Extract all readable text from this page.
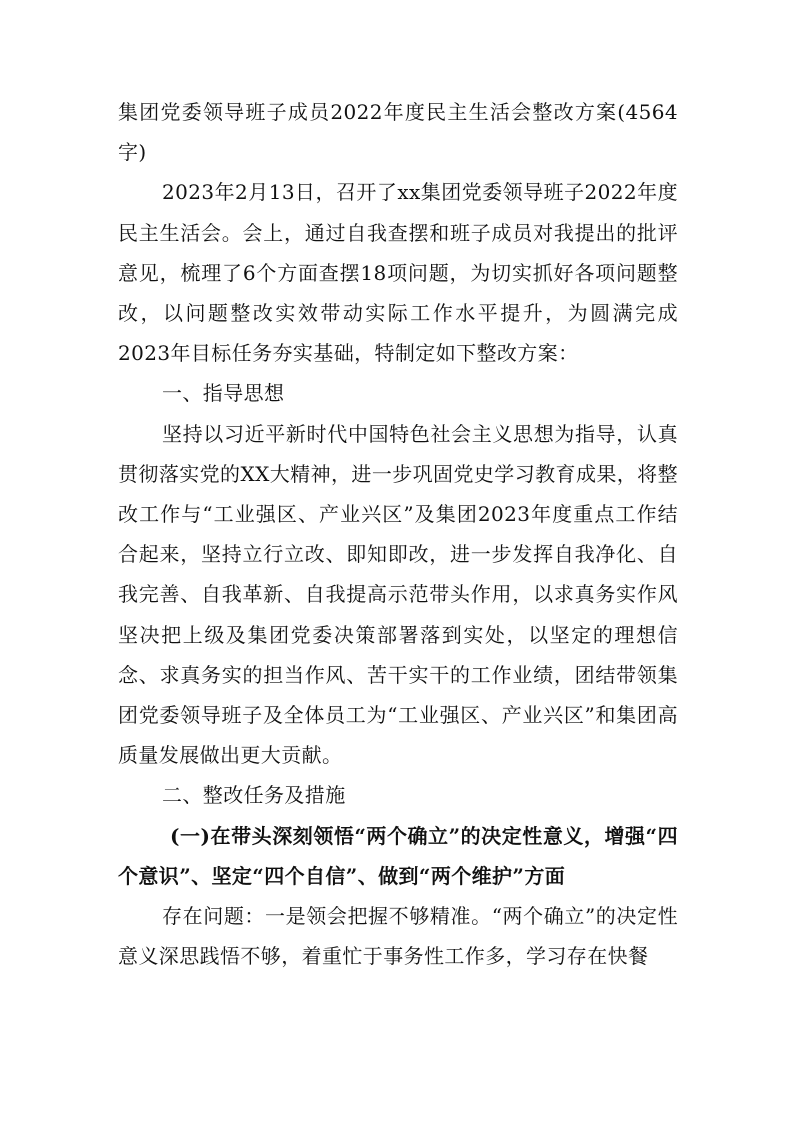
集团党委领导班子成员2022年度民主生活会整改方案(4564字)

2023年2月13日，召开了xx集团党委领导班子2022年度民主生活会。会上，通过自我查摆和班子成员对我提出的批评意见，梳理了6个方面查摆18项问题，为切实抓好各项问题整改，以问题整改实效带动实际工作水平提升，为圆满完成2023年目标任务夯实基础，特制定如下整改方案：

一、指导思想

坚持以习近平新时代中国特色社会主义思想为指导，认真贯彻落实党的XX大精神，进一步巩固党史学习教育成果，将整改工作与“工业强区、产业兴区”及集团2023年度重点工作结合起来，坚持立行立改、即知即改，进一步发挥自我净化、自我完善、自我革新、自我提高示范带头作用，以求真务实作风坚决把上级及集团党委决策部署落到实处，以坚定的理想信念、求真务实的担当作风、苦干实干的工作业绩，团结带领集团党委领导班子及全体员工为“工业强区、产业兴区”和集团高质量发展做出更大贡献。

二、整改任务及措施

(一)在带头深刻领悟“两个确立”的决定性意义，增强“四个意识”、坚定“四个自信”、做到“两个维护”方面

存在问题：一是领会把握不够精准。“两个确立”的决定性意义深思践悟不够，着重忙于事务性工作多，学习存在快餐
